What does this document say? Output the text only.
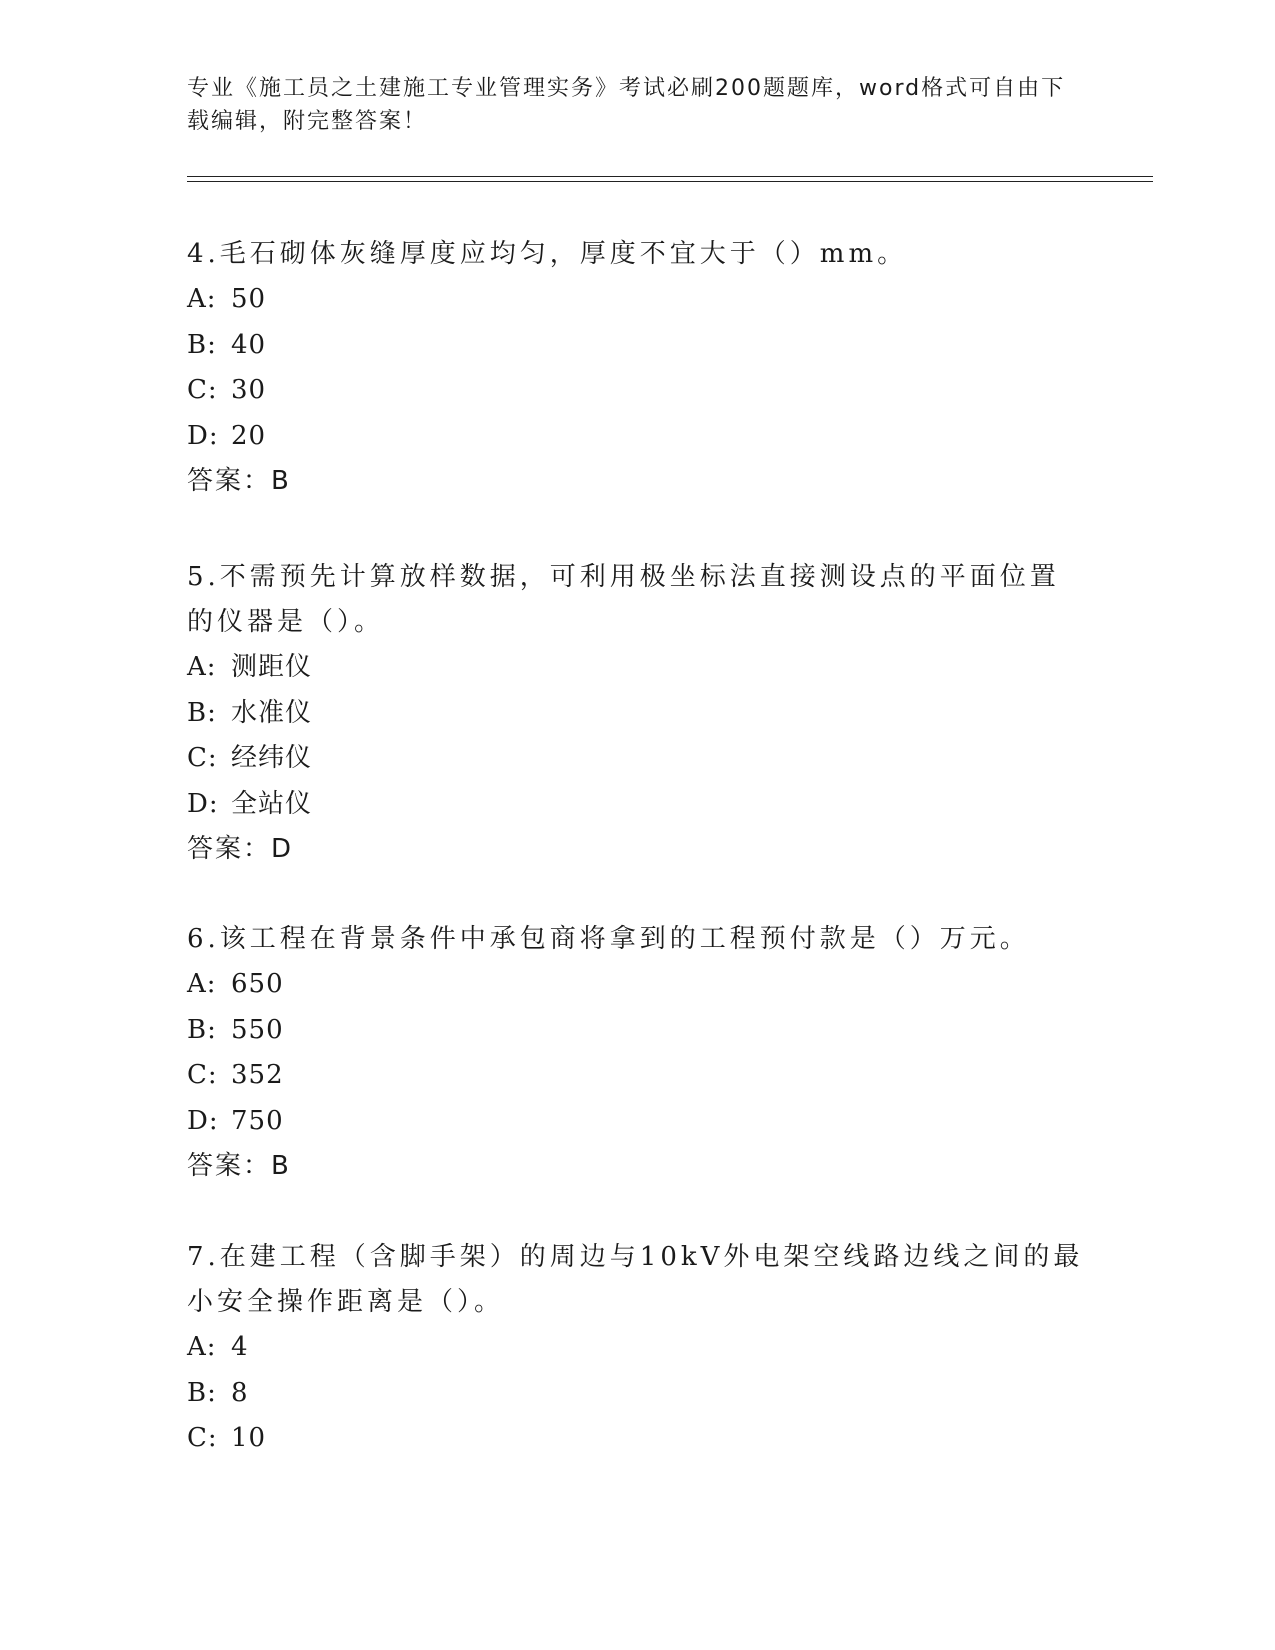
专业《施工员之土建施工专业管理实务》考试必刷200题题库，word格式可自由下载编辑，附完整答案！
4.毛石砌体灰缝厚度应均匀，厚度不宜大于（）mm。
A: 50
B: 40
C: 30
D: 20
答案：B
5.不需预先计算放样数据，可利用极坐标法直接测设点的平面位置的仪器是（）。
A: 测距仪
B: 水准仪
C: 经纬仪
D: 全站仪
答案：D
6.该工程在背景条件中承包商将拿到的工程预付款是（）万元。
A: 650
B: 550
C: 352
D: 750
答案：B
7.在建工程（含脚手架）的周边与10kV外电架空线路边线之间的最小安全操作距离是（）。
A: 4
B: 8
C: 10
